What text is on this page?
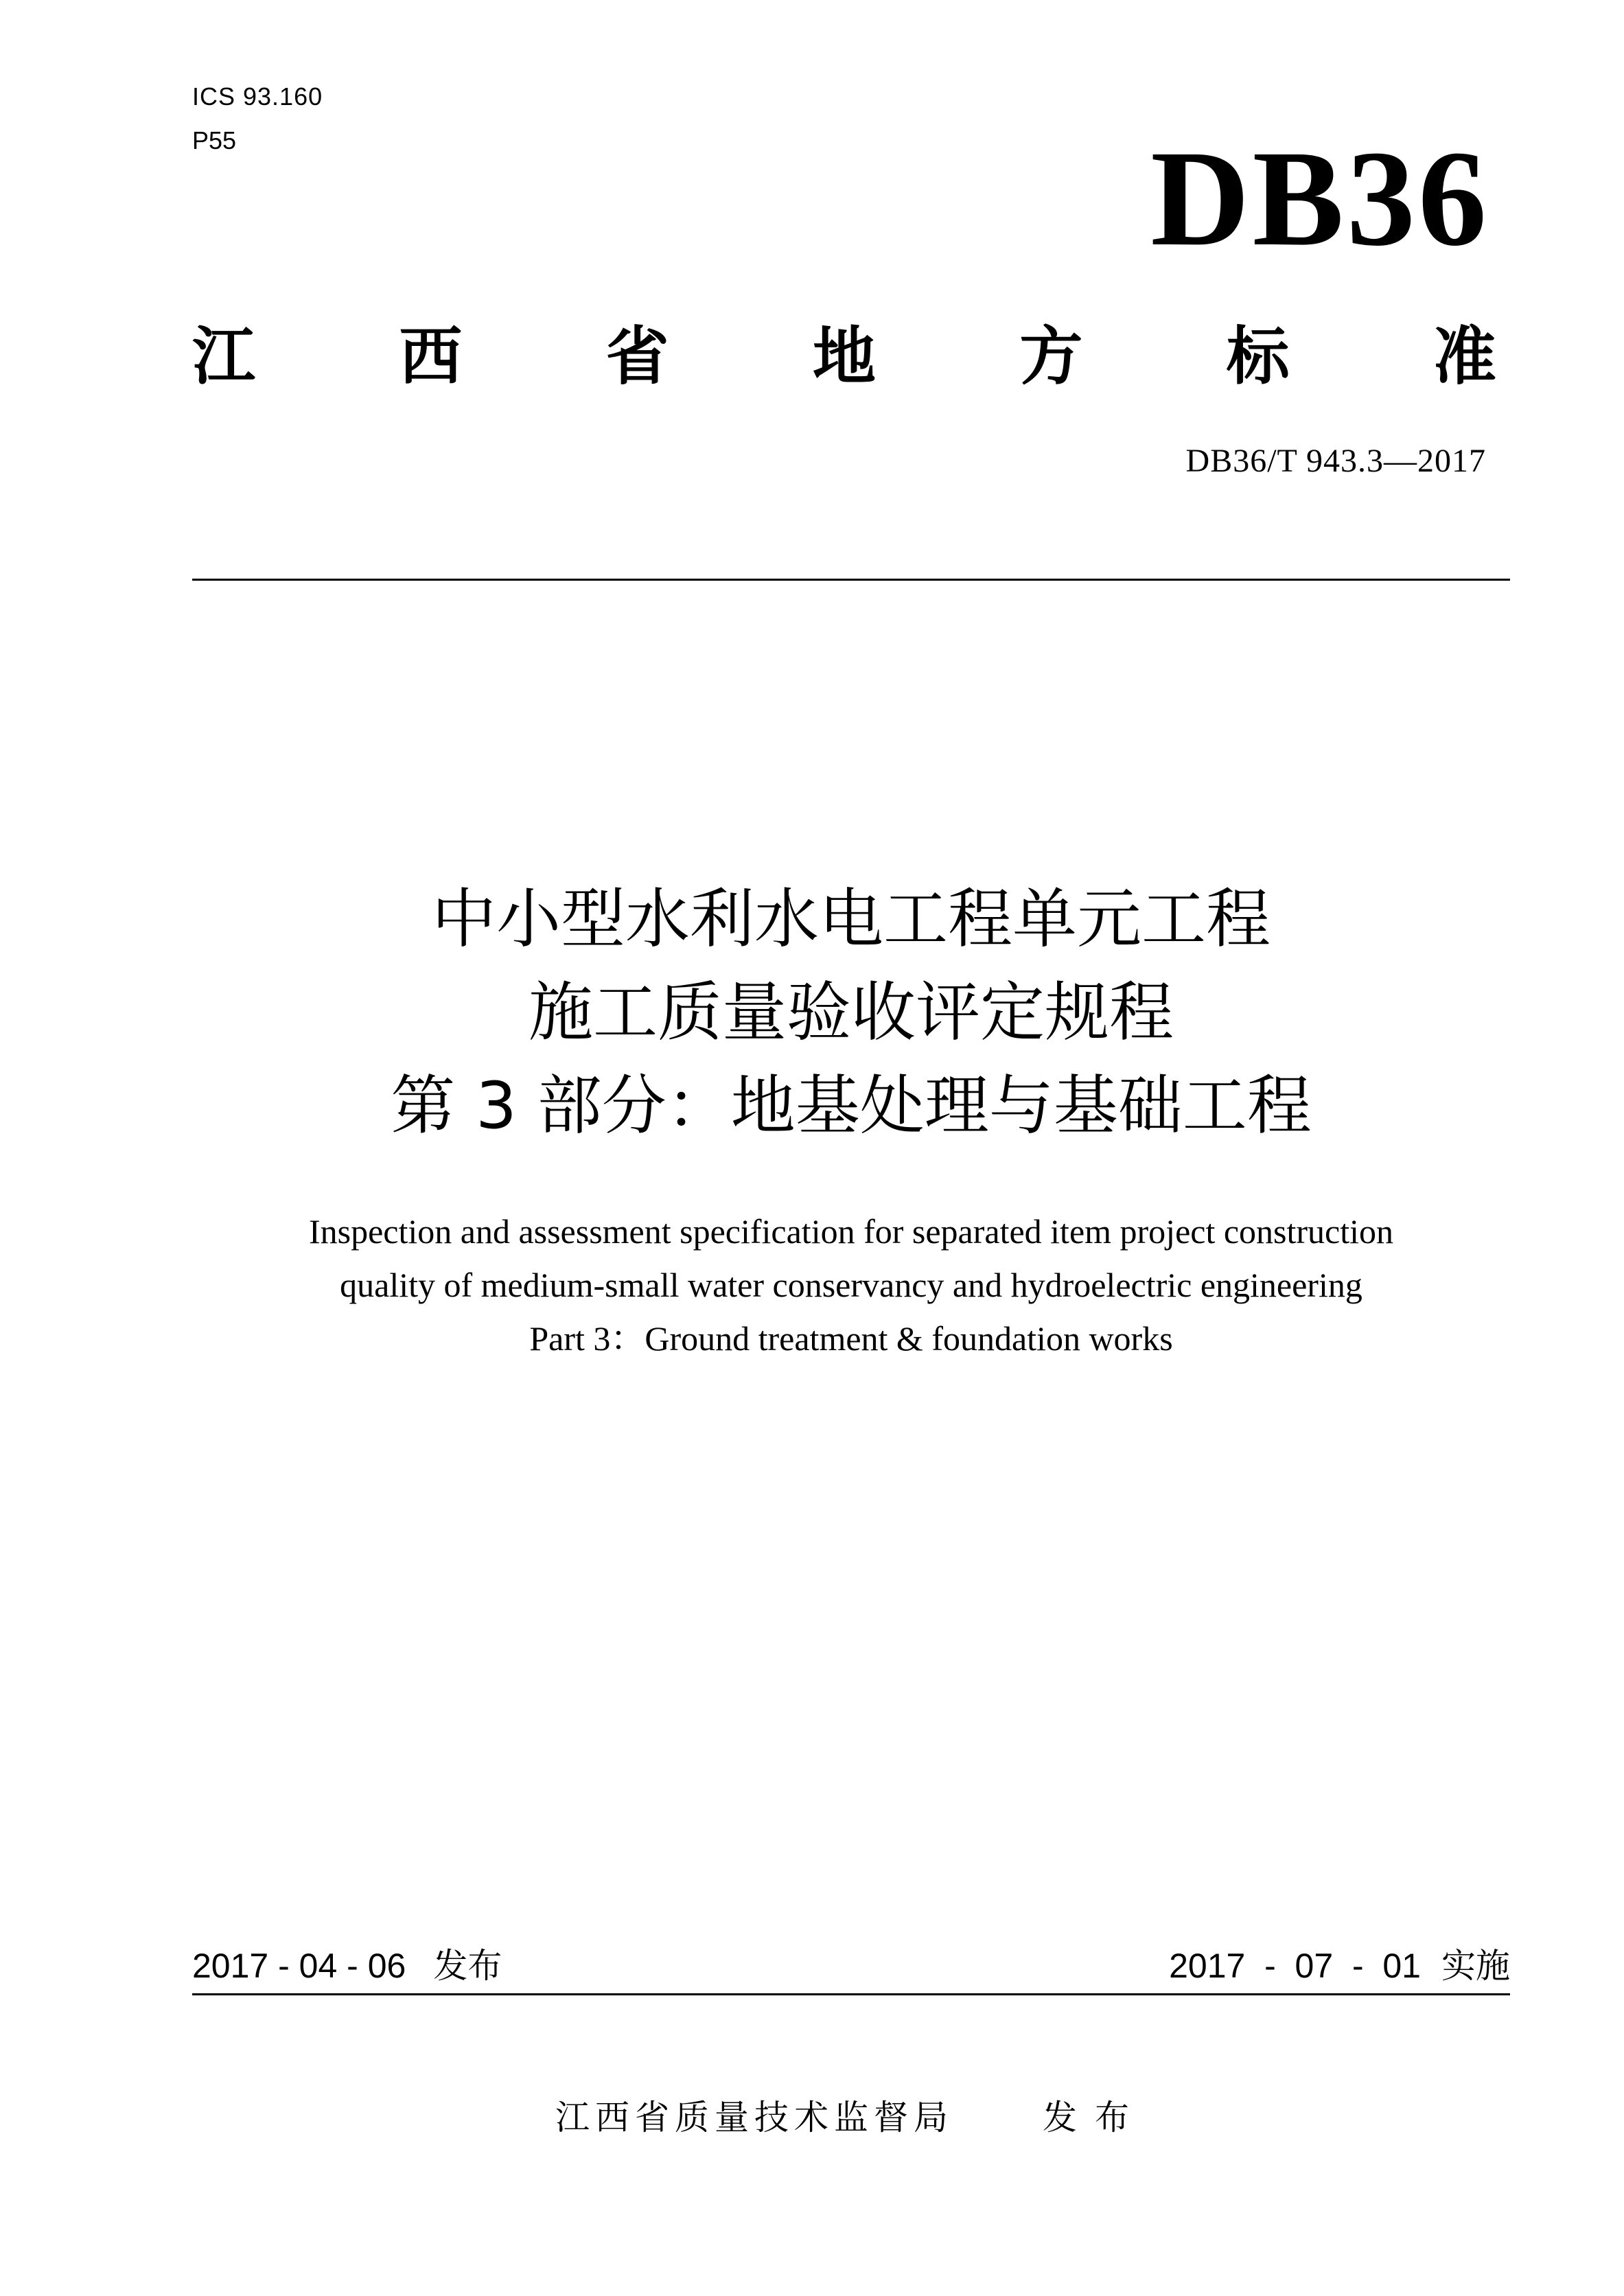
ICS 93.160
P55	DB36
江 西 省 地 方 标 准
DB36/T 943.3—2017
中小型水利水电工程单元工程
施工质量验收评定规程
第 3 部分：地基处理与基础工程
Inspection and assessment specification for separated item project construction
quality of medium-small water conservancy and hydroelectric engineering
Part 3：Ground treatment & foundation works
2017 - 04 - 06 发布	2017  -  07  -  01 实施
江西省质量技术监督局	发布
